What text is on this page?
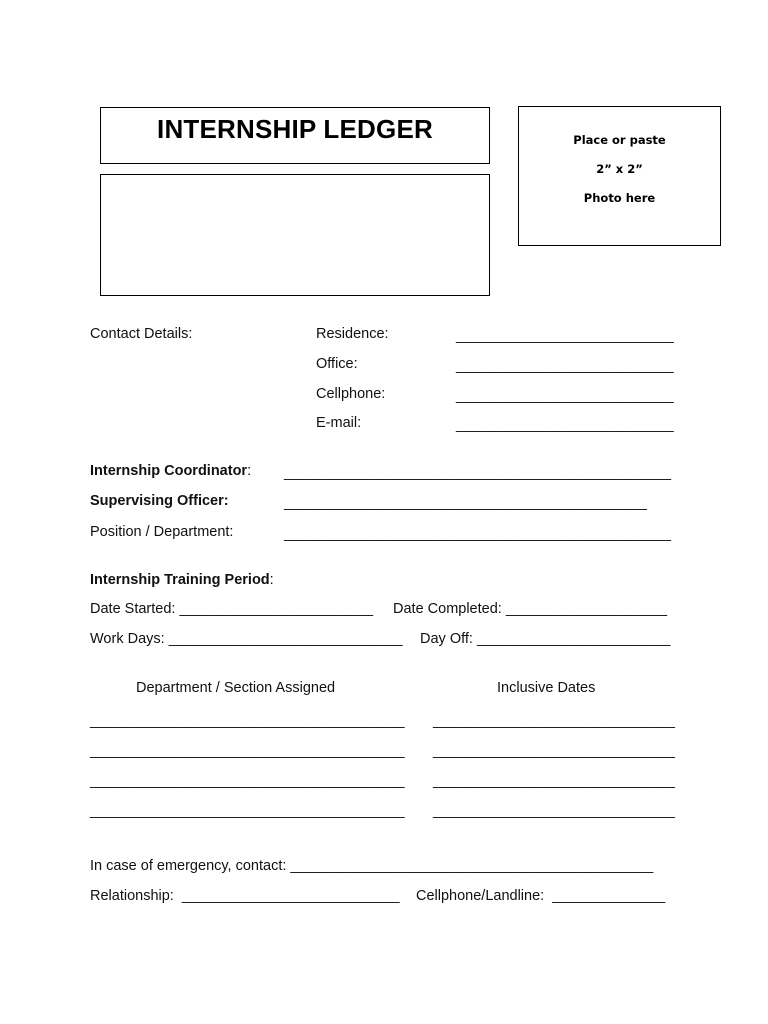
INTERNSHIP LEDGER	Place or paste
2” x 2”
Photo here
Contact Details:	Residence:	___________________________
Office:	___________________________
Cellphone:	___________________________
E-mail:	___________________________
Internship Coordinator: ________________________________________________
Supervising Officer:	_____________________________________________
Position / Department:	________________________________________________
Internship Training Period:
Date Started: ________________________ Date Completed: ____________________
Work Days: _____________________________ Day Off: ________________________
Department / Section Assigned	Inclusive Dates
_______________________________________ ______________________________
_______________________________________ ______________________________
_______________________________________ ______________________________
_______________________________________ ______________________________
In case of emergency, contact: _____________________________________________
Relationship:  ___________________________ Cellphone/Landline:  ______________
